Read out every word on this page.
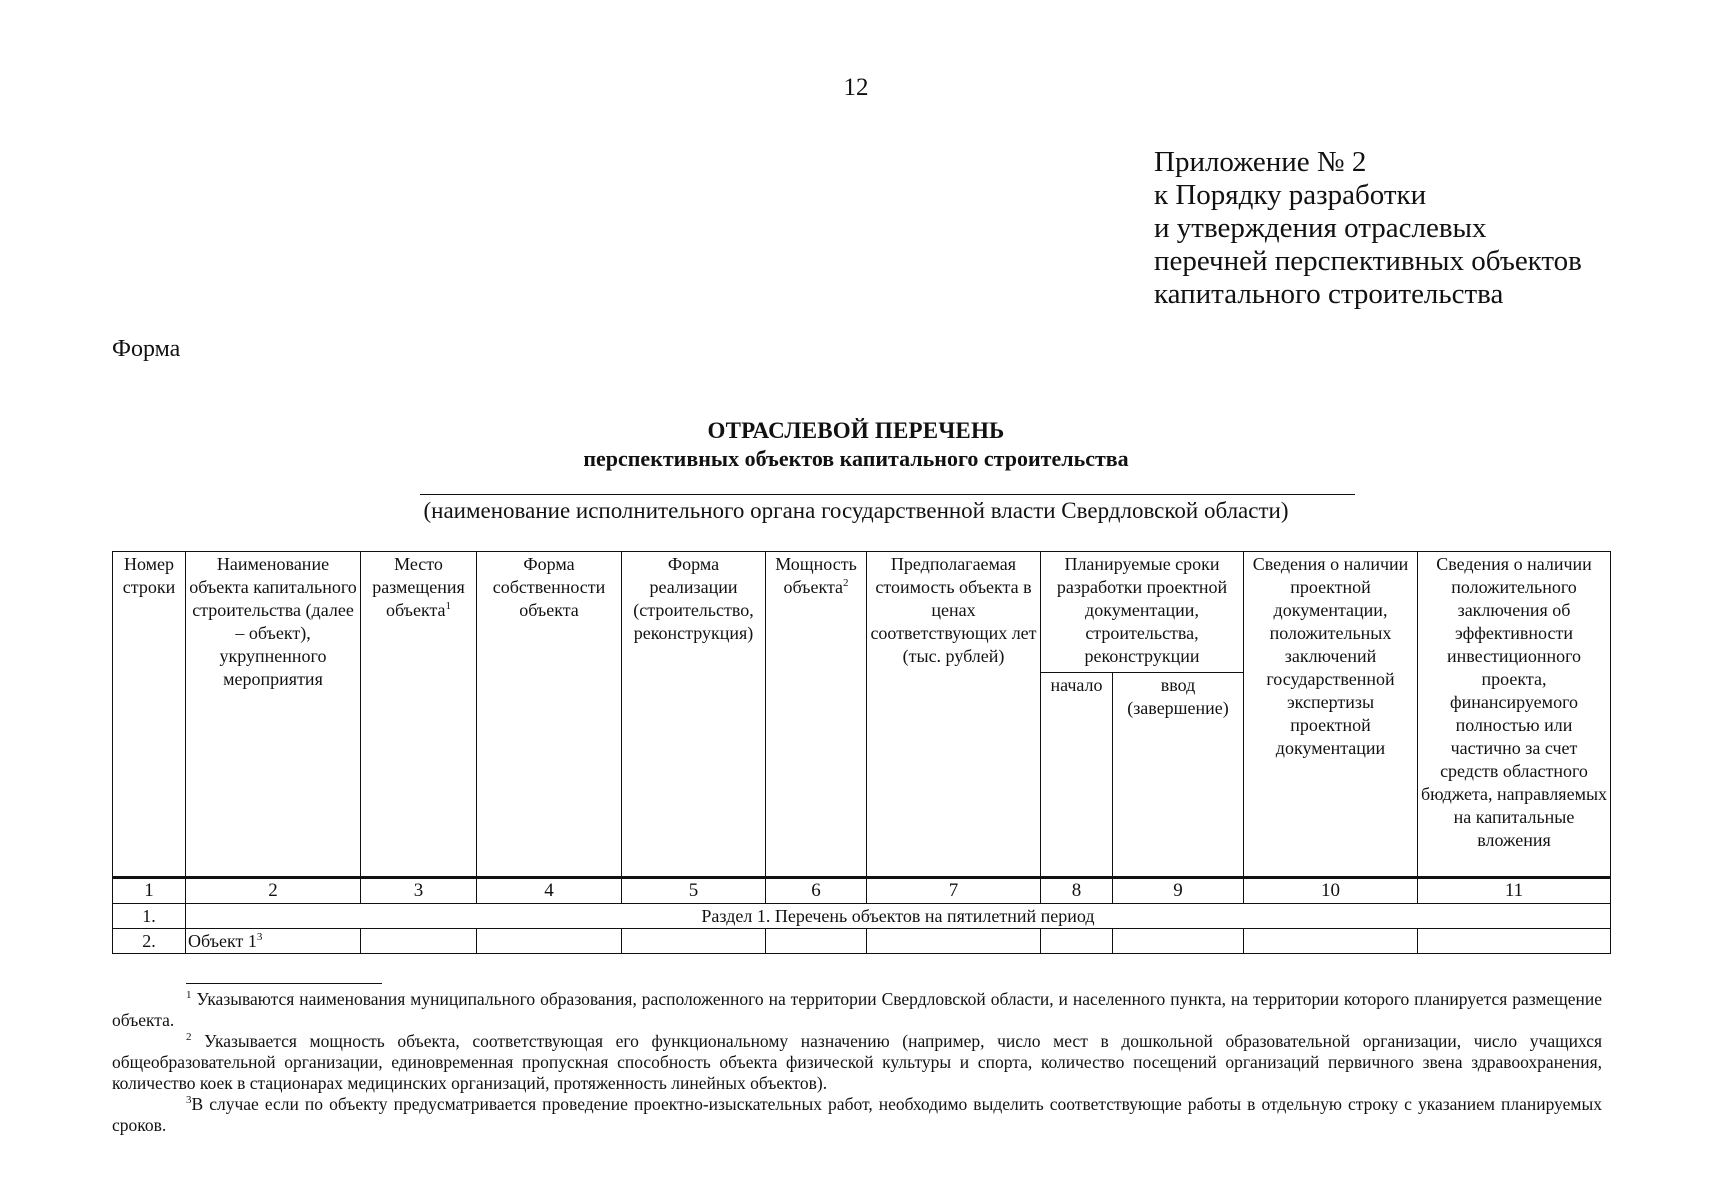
12
Приложение № 2
к Порядку разработки
и утверждения отраслевых
перечней перспективных объектов
капитального строительства
Форма
ОТРАСЛЕВОЙ ПЕРЕЧЕНЬ
перспективных объектов капитального строительства
(наименование исполнительного органа государственной власти Свердловской области)
Номер строки	Наименование объекта капитального строительства (далее – объект), укрупненного мероприятия	Место размещения объекта$^1$	Форма собственности объекта	Форма реализации (строительство, реконструкция)	Мощность объекта$^2$	Предполагаемая стоимость объекта в ценах соответствующих лет (тыс. рублей)	Планируемые сроки разработки проектной документации, строительства, реконструкции		Сведения о наличии проектной документации, положительных заключений государственной экспертизы проектной документации	Сведения о наличии положительного заключения об эффективности инвестиционного проекта, финансируемого полностью или частично за счет средств областного бюджета, направляемых на капитальные вложения
							начало	ввод (завершение)		
1	2	3	4	5	6	7	8	9	10	11
1.	Раздел 1. Перечень объектов на пятилетний период									
2.	Объект $1^3$									

$^1$ Указываются наименования муниципального образования, расположенного на территории Свердловской области, и населенного пункта, на территории которого планируется размещение объекта.

$^2$ Указывается мощность объекта, соответствующая его функциональному назначению (например, число мест в дошкольной образовательной организации, число учащихся общеобразовательной организации, единовременная пропускная способность объекта физической культуры и спорта, количество посещений организаций первичного звена здравоохранения, количество коек в стационарах медицинских организаций, протяженность линейных объектов).

$^3$В случае если по объекту предусматривается проведение проектно-изыскательных работ, необходимо выделить соответствующие работы в отдельную строку с указанием планируемых сроков.
